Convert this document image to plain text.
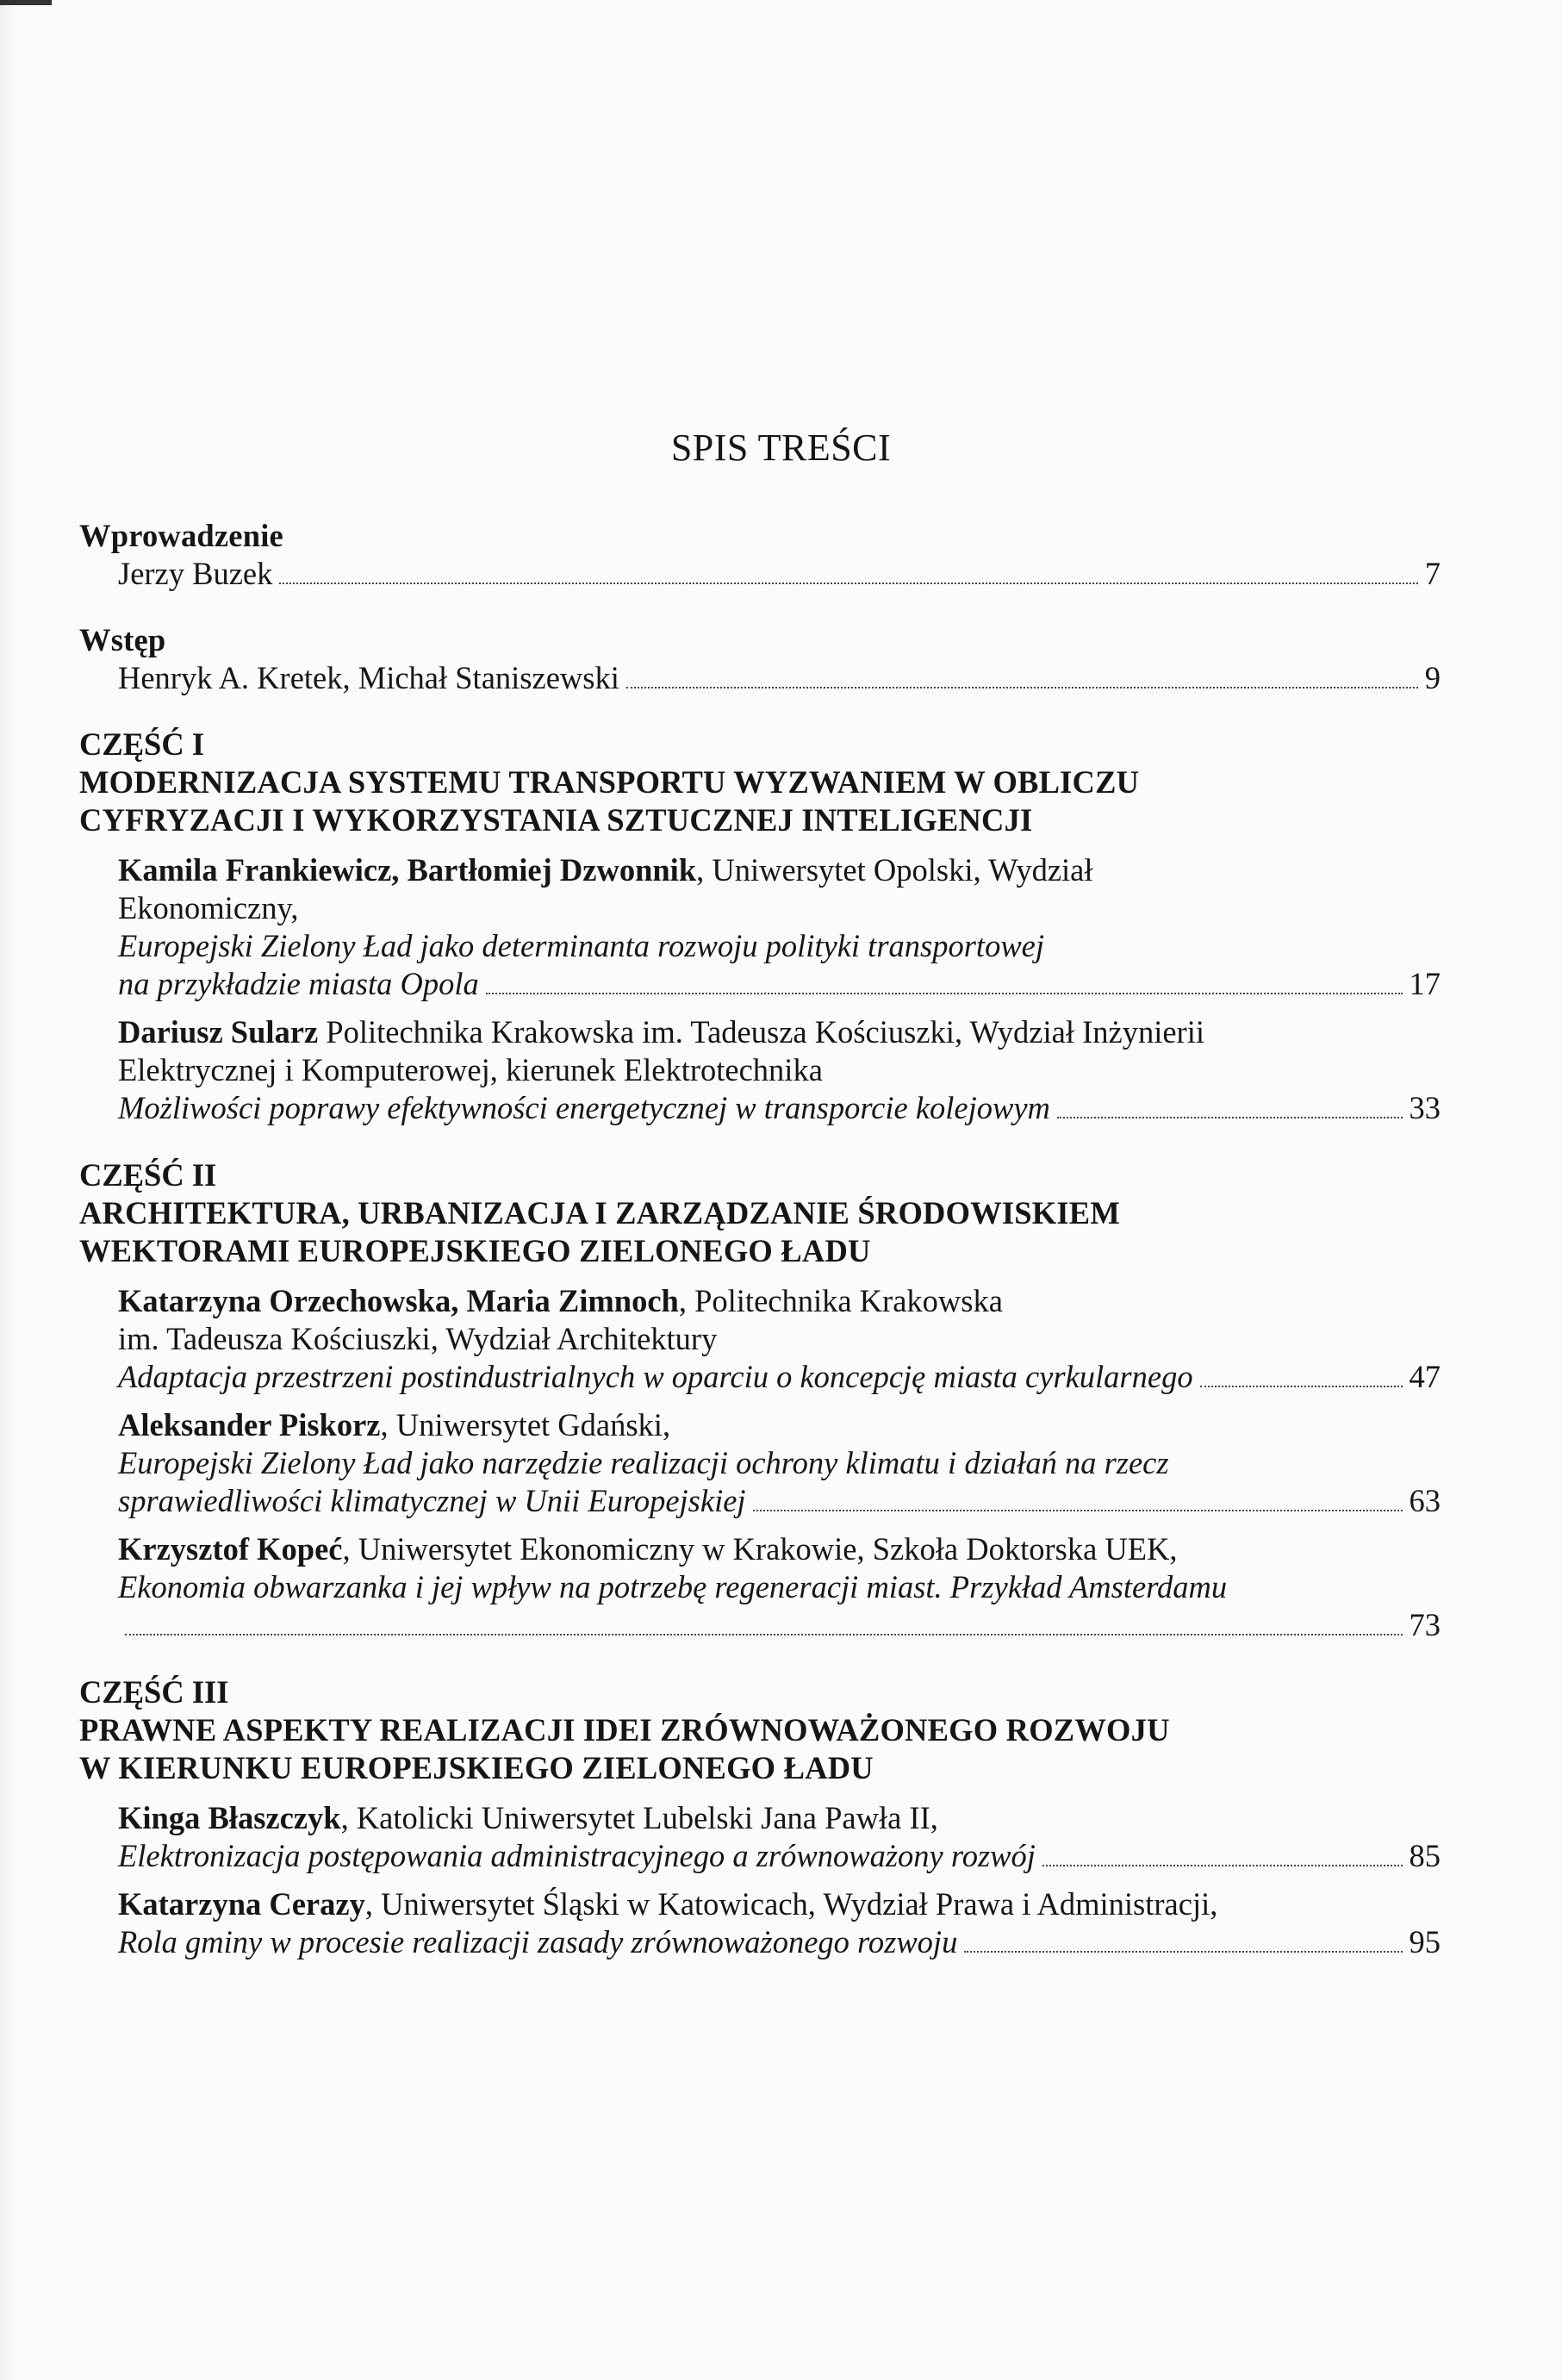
SPIS TREŚCI
Wprowadzenie
Jerzy Buzek	7
Wstęp
Henryk A. Kretek, Michał Staniszewski	9
CZĘŚĆ I
MODERNIZACJA SYSTEMU TRANSPORTU WYZWANIEM W OBLICZU
CYFRYZACJI I WYKORZYSTANIA SZTUCZNEJ INTELIGENCJI
Kamila Frankiewicz, Bartłomiej Dzwonnik, Uniwersytet Opolski, Wydział
Ekonomiczny,
Europejski Zielony Ład jako determinanta rozwoju polityki transportowej
na przykładzie miasta Opola	17
Dariusz Sularz Politechnika Krakowska im. Tadeusza Kościuszki, Wydział Inżynierii
Elektrycznej i Komputerowej, kierunek Elektrotechnika
Możliwości poprawy efektywności energetycznej w transporcie kolejowym	33
CZĘŚĆ II
ARCHITEKTURA, URBANIZACJA I ZARZĄDZANIE ŚRODOWISKIEM
WEKTORAMI EUROPEJSKIEGO ZIELONEGO ŁADU
Katarzyna Orzechowska, Maria Zimnoch, Politechnika Krakowska
im. Tadeusza Kościuszki, Wydział Architektury
Adaptacja przestrzeni postindustrialnych w oparciu o koncepcję miasta cyrkularnego	47
Aleksander Piskorz, Uniwersytet Gdański,
Europejski Zielony Ład jako narzędzie realizacji ochrony klimatu i działań na rzecz
sprawiedliwości klimatycznej w Unii Europejskiej	63
Krzysztof Kopeć, Uniwersytet Ekonomiczny w Krakowie, Szkoła Doktorska UEK,
Ekonomia obwarzanka i jej wpływ na potrzebę regeneracji miast. Przykład Amsterdamu
73
CZĘŚĆ III
PRAWNE ASPEKTY REALIZACJI IDEI ZRÓWNOWAŻONEGO ROZWOJU
W KIERUNKU EUROPEJSKIEGO ZIELONEGO ŁADU
Kinga Błaszczyk, Katolicki Uniwersytet Lubelski Jana Pawła II,
Elektronizacja postępowania administracyjnego a zrównoważony rozwój	85
Katarzyna Cerazy, Uniwersytet Śląski w Katowicach, Wydział Prawa i Administracji,
Rola gminy w procesie realizacji zasady zrównoważonego rozwoju	95
